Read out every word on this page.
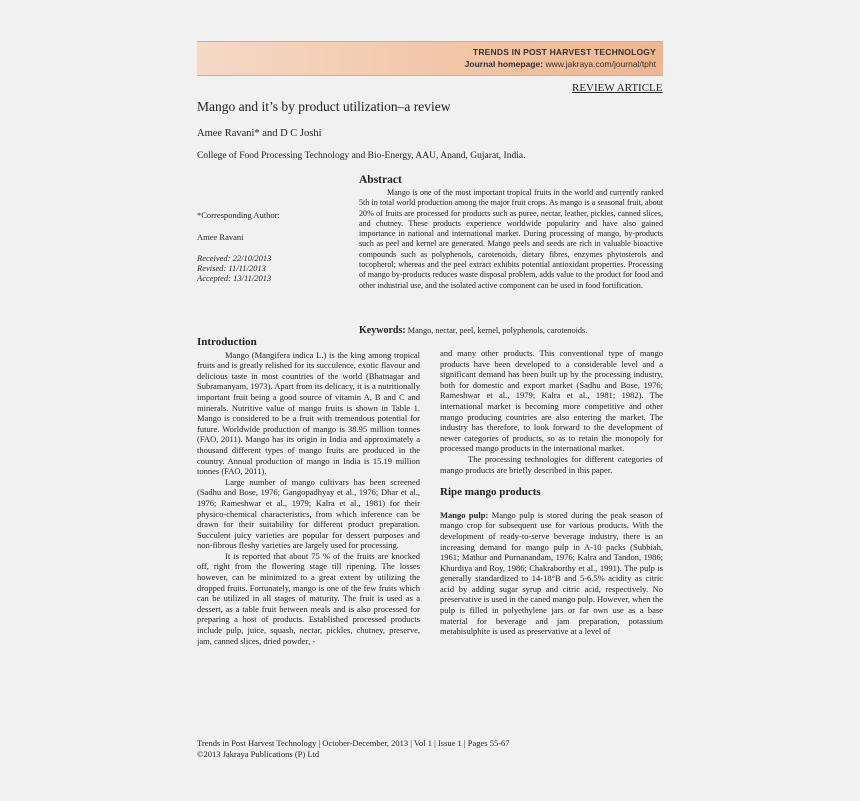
TRENDS IN POST HARVEST TECHNOLOGY
Journal homepage: www.jakraya.com/journal/tpht
REVIEW ARTICLE
Mango and it’s by product utilization–a review
Amee Ravani* and D C Joshi
College of Food Processing Technology and Bio-Energy, AAU, Anand, Gujarat, India.
*Corresponding Author:
Amee Ravani
Received: 22/10/2013
Revised: 11/11/2013
Accepted: 13/11/2013
Abstract
Mango is one of the most important tropical fruits in the world and currently ranked 5th in total world production among the major fruit crops. As mango is a seasonal fruit, about 20% of fruits are processed for products such as puree, nectar, leather, pickles, canned slices, and chutney. These products experience worldwide popularity and have also gained importance in national and international market. During processing of mango, by-products such as peel and kernel are generated. Mango peels and seeds are rich in valuable bioactive compounds such as polyphenols, carotenoids, dietary fibres, enzymes phytosterols and tocopherol; whereas and the peel extract exhibits potential antioxidant properties. Processing of mango by-products reduces waste disposal problem, adds value to the product for food and other industrial use, and the isolated active component can be used in food fortification.
Keywords: Mango, nectar, peel, kernel, polyphenols, carotenoids.
Introduction

Mango (Mangifera indica L.) is the king among tropical fruits and is greatly relished for its succulence, exotic flavour and delicious taste in most countries of the world (Bhatnagar and Subramanyam, 1973). Apart from its delicacy, it is a nutritionally important fruit being a good source of vitamin A, B and C and minerals. Nutritive value of mango fruits is shown in Table 1. Mango is considered to be a fruit with tremendous potential for future. Worldwide production of mango is 38.95 million tonnes (FAO, 2011). Mango has its origin in India and approximately a thousand different types of mango fruits are produced in the country. Annual production of mango in India is 15.19 million tonnes (FAO, 2011).

Large number of mango cultivars has been screened (Sadhu and Bose, 1976; Gangopadhyay et al., 1976; Dhar et al., 1976; Rameshwar et al., 1979; Kalra et al., 1981) for their physico-chemical characteristics, from which inference can be drawn for their suitability for different product preparation. Succulent juicy varieties are popular for dessert purposes and non-fibrous fleshy varieties are largely used for processing.

It is reported that about 75 % of the fruits are knocked off, right from the flowering stage till ripening. The losses however, can be minimized to a great extent by utilizing the dropped fruits. Fortunately, mango is one of the few fruits which can be utilized in all stages of maturity. The fruit is used as a dessert, as a table fruit between meals and is also processed for preparing a host of products. Established processed products include pulp, juice, squash, nectar, pickles, chutney, preserve, jam, canned slices, dried powder, -

and many other products. This conventional type of mango products have been developed to a considerable level and a significant demand has been built up by the processing industry, both for domestic and export market (Sadhu and Bose, 1976; Rameshwar et al., 1979; Kalra et al., 1981; 1982). The international market is becoming more competitive and other mango producing countries are also entering the market. The industry has therefore, to look forward to the development of newer categories of products, so as to retain the monopoly for processed mango products in the international market.

The processing technologies for different categories of mango products are briefly described in this paper.

Ripe mango products

Mango pulp: Mango pulp is stored during the peak season of mango crop for subsequent use for various products. With the development of ready-to-serve beverage industry, there is an increasing demand for mango pulp in A-10 packs (Subbiah, 1961; Mathur and Purnanandam, 1976; Kalra and Tandon, 1986; Khurdiya and Roy, 1986; Chakraborthy et al., 1991). The pulp is generally standardized to 14-18°B and 5-6.5% acidity as citric acid by adding sugar syrup and citric acid, respectively. No preservative is used in the caned mango pulp. However, when the pulp is filled in polyethylene jars or far own use as a base material for beverage and jam preparation, potassium metabisulphite is used as preservative at a level of

Trends in Post Harvest Technology | October-December, 2013 | Vol 1 | Issue 1 | Pages 55-67
©2013 Jakraya Publications (P) Ltd
